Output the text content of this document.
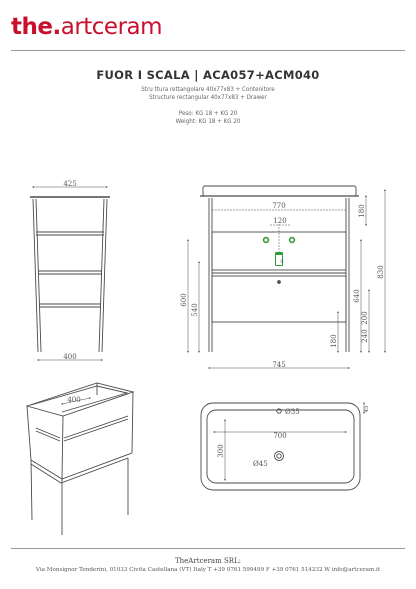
the.artceram
FUOR I SCALA | ACA057+ACM040
Stru ttura rettangolare 40x77x83 + Contenitore
Structure rectangular 40x77x83 + Drawer
Peso: KG 18 + KG 20
Weight: KG 18 + KG 20
425
400
770
120
745
S
600
540
180
830
640
200
240
180
400
700
300
Ø35
Ø45
45
TheArtceram SRL:
Via Monsignor Tenderini, 01033 Civita Castellana (VT) Italy T +39 0761 599499 F +39 0761 514232 W info@artceram.it
